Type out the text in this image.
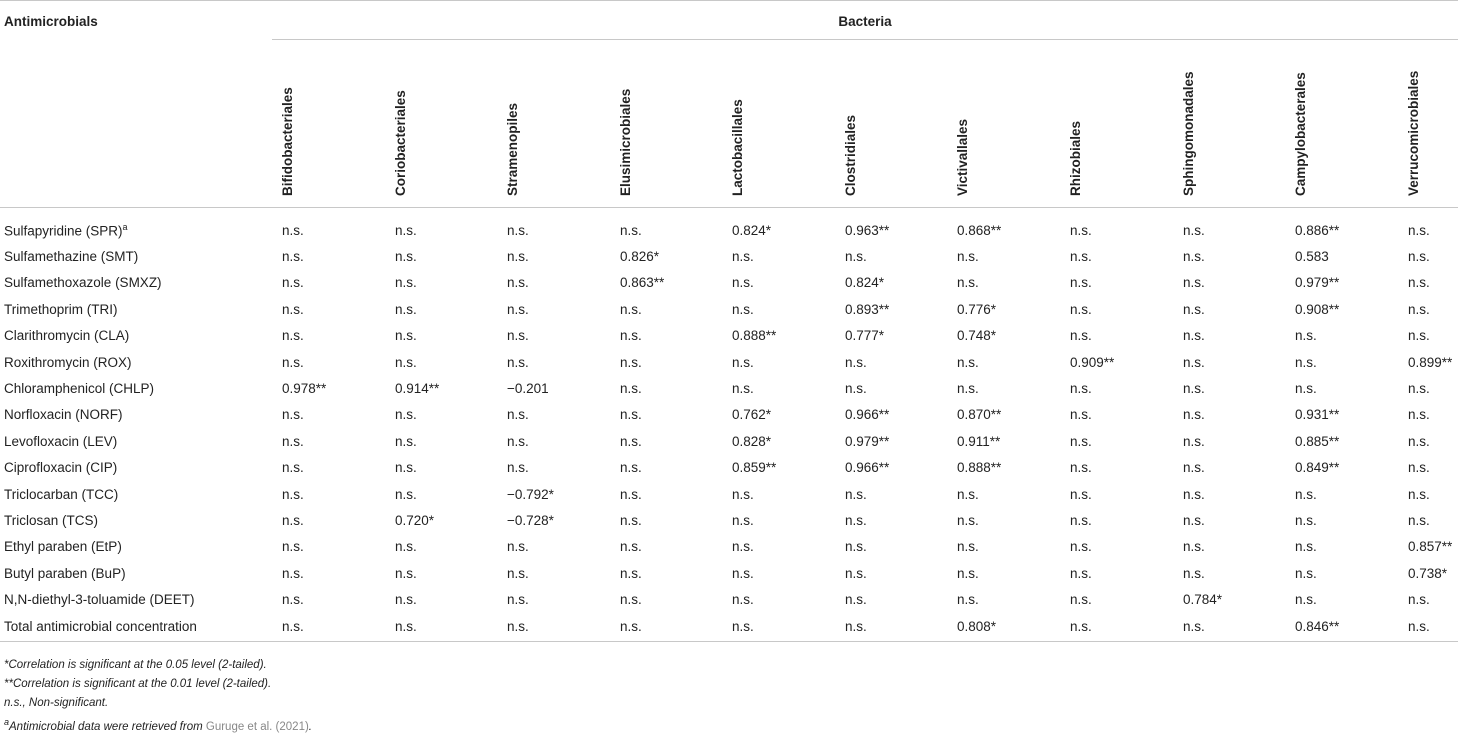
Antimicrobials	Bacteria
Bifidobacteriales	Coriobacteriales	Stramenopiles	Elusimicrobiales	Lactobacillales	Clostridiales	Victivallales	Rhizobiales	Sphingomonadales	Campylobacterales	Verrucomicrobiales
Sulfapyridine (SPR)$^a$	n.s.	n.s.	n.s.	n.s.	0.824*	0.963**	0.868**	n.s.	n.s.	0.886**	n.s.
Sulfamethazine (SMT)	n.s.	n.s.	n.s.	0.826*	n.s.	n.s.	n.s.	n.s.	n.s.	0.583	n.s.
Sulfamethoxazole (SMXZ)	n.s.	n.s.	n.s.	0.863**	n.s.	0.824*	n.s.	n.s.	n.s.	0.979**	n.s.
Trimethoprim (TRI)	n.s.	n.s.	n.s.	n.s.	n.s.	0.893**	0.776*	n.s.	n.s.	0.908**	n.s.
Clarithromycin (CLA)	n.s.	n.s.	n.s.	n.s.	0.888**	0.777*	0.748*	n.s.	n.s.	n.s.	n.s.
Roxithromycin (ROX)	n.s.	n.s.	n.s.	n.s.	n.s.	n.s.	n.s.	0.909**	n.s.	n.s.	0.899**
Chloramphenicol (CHLP)	0.978**	0.914**	−0.201	n.s.	n.s.	n.s.	n.s.	n.s.	n.s.	n.s.	n.s.
Norfloxacin (NORF)	n.s.	n.s.	n.s.	n.s.	0.762*	0.966**	0.870**	n.s.	n.s.	0.931**	n.s.
Levofloxacin (LEV)	n.s.	n.s.	n.s.	n.s.	0.828*	0.979**	0.911**	n.s.	n.s.	0.885**	n.s.
Ciprofloxacin (CIP)	n.s.	n.s.	n.s.	n.s.	0.859**	0.966**	0.888**	n.s.	n.s.	0.849**	n.s.
Triclocarban (TCC)	n.s.	n.s.	−0.792*	n.s.	n.s.	n.s.	n.s.	n.s.	n.s.	n.s.	n.s.
Triclosan (TCS)	n.s.	0.720*	−0.728*	n.s.	n.s.	n.s.	n.s.	n.s.	n.s.	n.s.	n.s.
Ethyl paraben (EtP)	n.s.	n.s.	n.s.	n.s.	n.s.	n.s.	n.s.	n.s.	n.s.	n.s.	0.857**
Butyl paraben (BuP)	n.s.	n.s.	n.s.	n.s.	n.s.	n.s.	n.s.	n.s.	n.s.	n.s.	0.738*
N,N-diethyl-3-toluamide (DEET)	n.s.	n.s.	n.s.	n.s.	n.s.	n.s.	n.s.	n.s.	0.784*	n.s.	n.s.
Total antimicrobial concentration	n.s.	n.s.	n.s.	n.s.	n.s.	n.s.	0.808*	n.s.	n.s.	0.846**	n.s.
*Correlation is significant at the 0.05 level (2-tailed).
**Correlation is significant at the 0.01 level (2-tailed).
n.s., Non-significant.
$^a$Antimicrobial data were retrieved from Guruge et al. (2021).
